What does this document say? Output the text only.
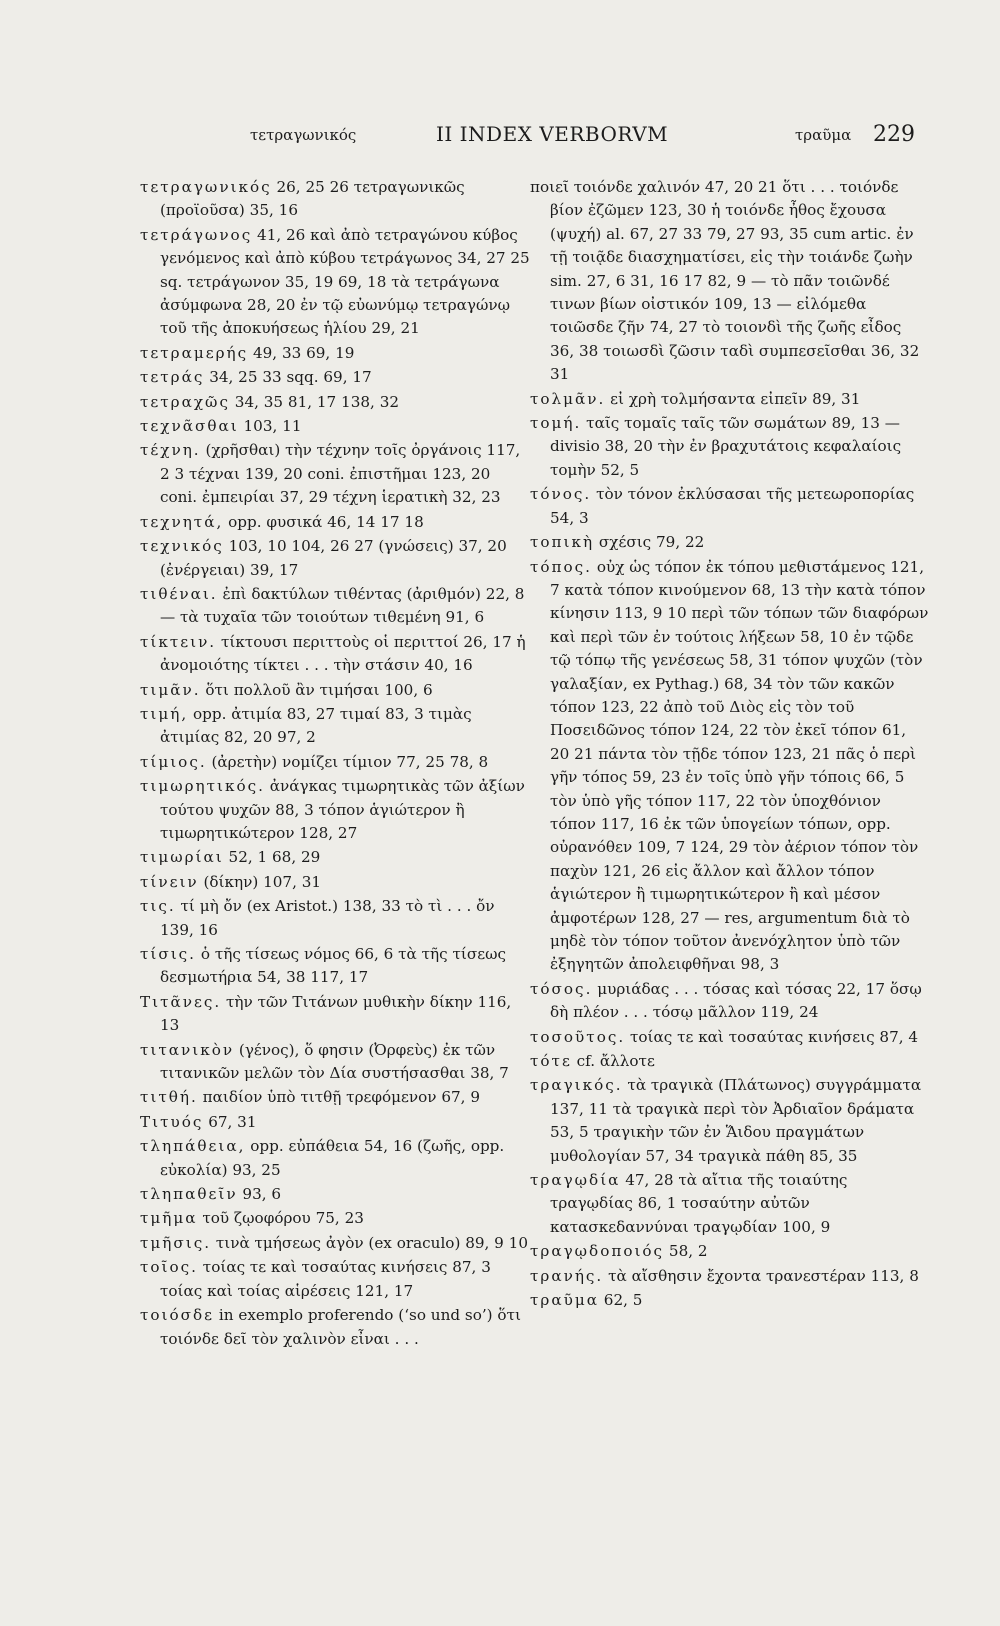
τετραγωνικός	II INDEX VERBORVM	τραῦμα 229
τετραγωνικός 26, 25 26 τετραγωνικῶς (προϊοῦσα) 35, 16
τετράγωνος 41, 26 καὶ ἀπὸ τετραγώνου κύβος γενόμενος καὶ ἀπὸ κύβου τετράγωνος 34, 27 25 sq. τετράγωνον 35, 19 69, 18 τὰ τετράγωνα ἀσύμφωνα 28, 20 ἐν τῷ εὐωνύμῳ τετραγώνῳ τοῦ τῆς ἀποκυήσεως ἡλίου 29, 21
τετραμερής 49, 33 69, 19
τετράς 34, 25 33 sqq. 69, 17
τετραχῶς 34, 35 81, 17 138, 32
τεχνᾶσθαι 103, 11
τέχνη. (χρῆσθαι) τὴν τέχνην τοῖς ὀργάνοις 117, 2 3 τέχναι 139, 20 coni. ἐπιστῆμαι 123, 20 coni. ἐμπειρίαι 37, 29 τέχνη ἱερατικὴ 32, 23
τεχνητά, opp. φυσικά 46, 14 17 18
τεχνικός 103, 10 104, 26 27 (γνώσεις) 37, 20 (ἐνέργειαι) 39, 17
τιθέναι. ἐπὶ δακτύλων τιθέντας (ἀριθμόν) 22, 8 — τὰ τυχαῖα τῶν τοιούτων τιθεμένη 91, 6
τίκτειν. τίκτουσι περιττοὺς οἱ περιττοί 26, 17 ἡ ἀνομοιότης τίκτει . . . τὴν στάσιν 40, 16
τιμᾶν. ὅτι πολλοῦ ἂν τιμήσαι 100, 6
τιμή, opp. ἀτιμία 83, 27 τιμαί 83, 3 τιμὰς ἀτιμίας 82, 20 97, 2
τίμιος. (ἀρετὴν) νομίζει τίμιον 77, 25 78, 8
τιμωρητικός. ἀνάγκας τιμωρητικὰς τῶν ἀξίων τούτου ψυχῶν 88, 3 τόπον ἁγιώτερον ἢ τιμωρητικώτερον 128, 27
τιμωρίαι 52, 1 68, 29
τίνειν (δίκην) 107, 31
τις. τί μὴ ὄν (ex Aristot.) 138, 33 τὸ τὶ . . . ὄν 139, 16
τίσις. ὁ τῆς τίσεως νόμος 66, 6 τὰ τῆς τίσεως δεσμωτήρια 54, 38 117, 17
Τιτᾶνες. τὴν τῶν Τιτάνων μυθικὴν δίκην 116, 13
τιτανικὸν (γένος), ὅ φησιν (Ὀρφεὺς) ἐκ τῶν τιτανικῶν μελῶν τὸν Δία συστήσασθαι 38, 7
τιτθή. παιδίον ὑπὸ τιτθῇ τρεφόμενον 67, 9
Τιτυός 67, 31
τληπάθεια, opp. εὐπάθεια 54, 16 (ζωῆς, opp. εὐκολία) 93, 25
τληπαθεῖν 93, 6
τμῆμα τοῦ ζῳοφόρου 75, 23
τμῆσις. τινὰ τμήσεως ἀγὸν (ex oraculo) 89, 9 10
τοῖος. τοίας τε καὶ τοσαύτας κινήσεις 87, 3 τοίας καὶ τοίας αἱρέσεις 121, 17
τοιόσδε in exemplo proferendo (‘so und so’) ὅτι τοιόνδε δεῖ τὸν χαλινὸν εἶναι . . .
ποιεῖ τοιόνδε χαλινόν 47, 20 21 ὅτι . . . τοιόνδε βίον ἐζῶμεν 123, 30 ἡ τοιόνδε ἦθος ἔχουσα (ψυχή) al. 67, 27 33 79, 27 93, 35 cum artic. ἐν τῇ τοιᾷδε διασχηματίσει, εἰς τὴν τοιάνδε ζωὴν sim. 27, 6 31, 16 17 82, 9 — τὸ πᾶν τοιῶνδέ τινων βίων οἰστικόν 109, 13 — εἰλόμεθα τοιῶσδε ζῆν 74, 27 τὸ τοιονδὶ τῆς ζωῆς εἶδος 36, 38 τοιωσδὶ ζῶσιν ταδὶ συμπεσεῖσθαι 36, 32 31
τολμᾶν. εἰ χρὴ τολμήσαντα εἰπεῖν 89, 31
τομή. ταῖς τομαῖς ταῖς τῶν σωμάτων 89, 13 — divisio 38, 20 τὴν ἐν βραχυτάτοις κεφαλαίοις τομὴν 52, 5
τόνος. τὸν τόνον ἐκλύσασαι τῆς μετεωροπορίας 54, 3
τοπικὴ σχέσις 79, 22
τόπος. οὐχ ὡς τόπον ἐκ τόπου μεθιστάμενος 121, 7 κατὰ τόπον κινούμενον 68, 13 τὴν κατὰ τόπον κίνησιν 113, 9 10 περὶ τῶν τόπων τῶν διαφόρων καὶ περὶ τῶν ἐν τούτοις λήξεων 58, 10 ἐν τῷδε τῷ τόπῳ τῆς γενέσεως 58, 31 τόπον ψυχῶν (τὸν γαλαξίαν, ex Pythag.) 68, 34 τὸν τῶν κακῶν τόπον 123, 22 ἀπὸ τοῦ Διὸς εἰς τὸν τοῦ Ποσειδῶνος τόπον 124, 22 τὸν ἐκεῖ τόπον 61, 20 21 πάντα τὸν τῇδε τόπον 123, 21 πᾶς ὁ περὶ γῆν τόπος 59, 23 ἐν τοῖς ὑπὸ γῆν τόποις 66, 5 τὸν ὑπὸ γῆς τόπον 117, 22 τὸν ὑποχθόνιον τόπον 117, 16 ἐκ τῶν ὑπογείων τόπων, opp. οὐρανόθεν 109, 7 124, 29 τὸν ἀέριον τόπον τὸν παχὺν 121, 26 εἰς ἄλλον καὶ ἄλλον τόπον ἁγιώτερον ἢ τιμωρητικώτερον ἢ καὶ μέσον ἀμφοτέρων 128, 27 — res, argumentum διὰ τὸ μηδὲ τὸν τόπον τοῦτον ἀνενόχλητον ὑπὸ τῶν ἐξηγητῶν ἀπολειφθῆναι 98, 3
τόσος. μυριάδας . . . τόσας καὶ τόσας 22, 17 ὅσῳ δὴ πλέον . . . τόσῳ μᾶλλον 119, 24
τοσοῦτος. τοίας τε καὶ τοσαύτας κινήσεις 87, 4
τότε cf. ἄλλοτε
τραγικός. τὰ τραγικὰ (Πλάτωνος) συγγράμματα 137, 11 τὰ τραγικὰ περὶ τὸν Ἀρδιαῖον δράματα 53, 5 τραγικὴν τῶν ἐν Ἅιδου πραγμάτων μυθολογίαν 57, 34 τραγικὰ πάθη 85, 35
τραγῳδία 47, 28 τὰ αἴτια τῆς τοιαύτης τραγῳδίας 86, 1 τοσαύτην αὐτῶν κατασκεδαννύναι τραγῳδίαν 100, 9
τραγῳδοποιός 58, 2
τρανής. τὰ αἴσθησιν ἔχοντα τρανεστέραν 113, 8
τραῦμα 62, 5
